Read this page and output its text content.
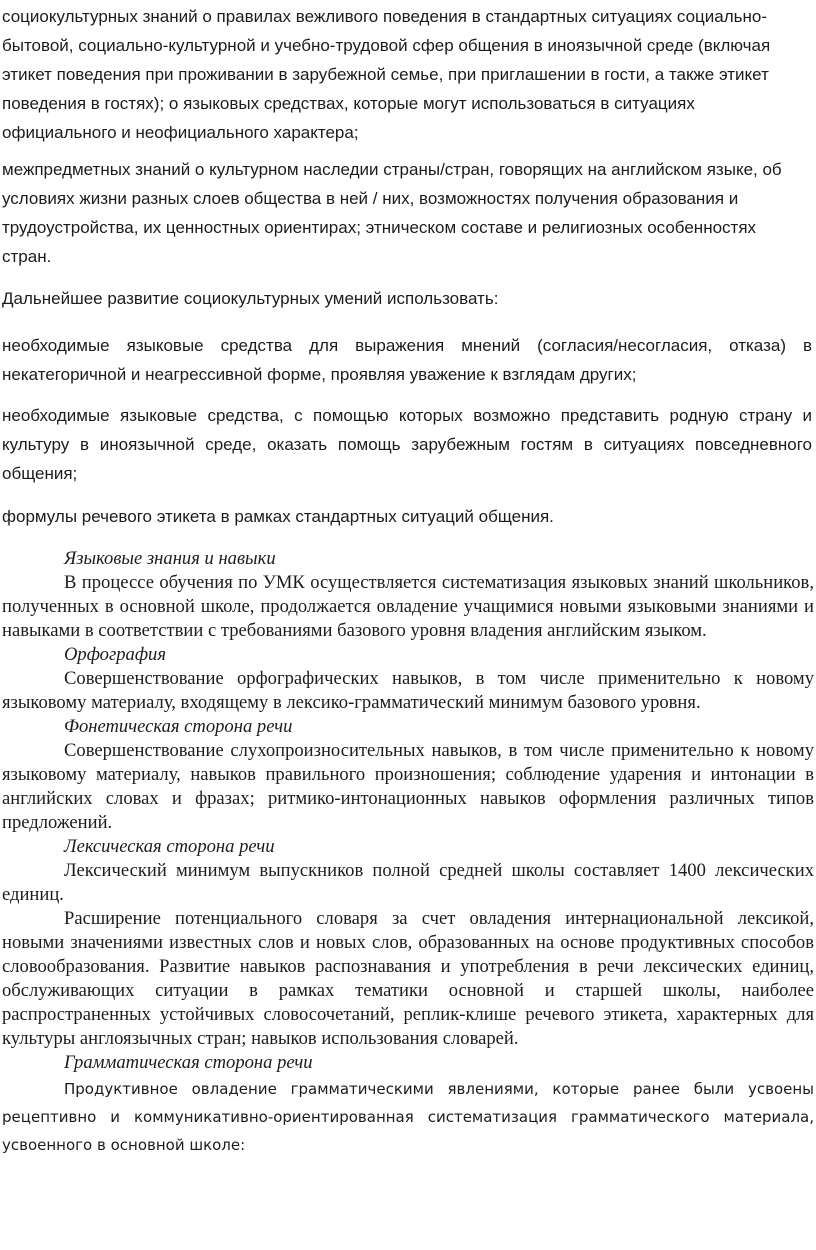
социокультурных знаний о правилах вежливого поведения в стандартных ситуациях социально-бытовой, социально-культурной и учебно-трудовой сфер общения в иноязычной среде (включая этикет поведения при проживании в зарубежной семье, при приглашении в гости, а также этикет поведения в гостях); о языковых средствах, которые могут использоваться в ситуациях официального и неофициального характера;

межпредметных знаний о культурном наследии страны/стран, говорящих на английском языке, об условиях жизни разных слоев общества в ней / них, возможностях получения образования и трудоустройства, их ценностных ориентирах; этническом составе и религиозных особенностях стран.

Дальнейшее развитие социокультурных умений использовать:

необходимые языковые средства для выражения мнений (согласия/несогласия, отказа) в некатегоричной и неагрессивной форме, проявляя уважение к взглядам других;

необходимые языковые средства, с помощью которых возможно представить родную страну и культуру в иноязычной среде, оказать помощь зарубежным гостям в ситуациях повседневного общения;

формулы речевого этикета в рамках стандартных ситуаций общения.

Языковые знания и навыки

В процессе обучения по УМК осуществляется систематизация языковых знаний школьников, полученных в основной школе, продолжается овладение учащимися новыми языковыми знаниями и навыками в соответствии с требованиями базового уровня владения английским языком.

Орфография

Совершенствование орфографических навыков, в том числе применительно к новому языковому материалу, входящему в лексико-грамматический минимум базового уровня.

Фонетическая сторона речи

Совершенствование слухопроизносительных навыков, в том числе применительно к новому языковому материалу, навыков правильного произношения; соблюдение ударения и интонации в английских словах и фразах; ритмико-интонационных навыков оформления различных типов предложений.

Лексическая сторона речи

Лексический минимум выпускников полной средней школы составляет 1400 лексических единиц.

Расширение потенциального словаря за счет овладения интернациональной лексикой, новыми значениями известных слов и новых слов, образованных на основе продуктивных способов словообразования. Развитие навыков распознавания и употребления в речи лексических единиц, обслуживающих ситуации в рамках тематики основной и старшей школы, наиболее распространенных устойчивых словосочетаний, реплик-клише речевого этикета, характерных для культуры англоязычных стран; навыков использования словарей.

Грамматическая сторона речи

Продуктивное овладение грамматическими явлениями, которые ранее были усвоены рецептивно и коммуникативно-ориентированная систематизация грамматического материала, усвоенного в основной школе:
